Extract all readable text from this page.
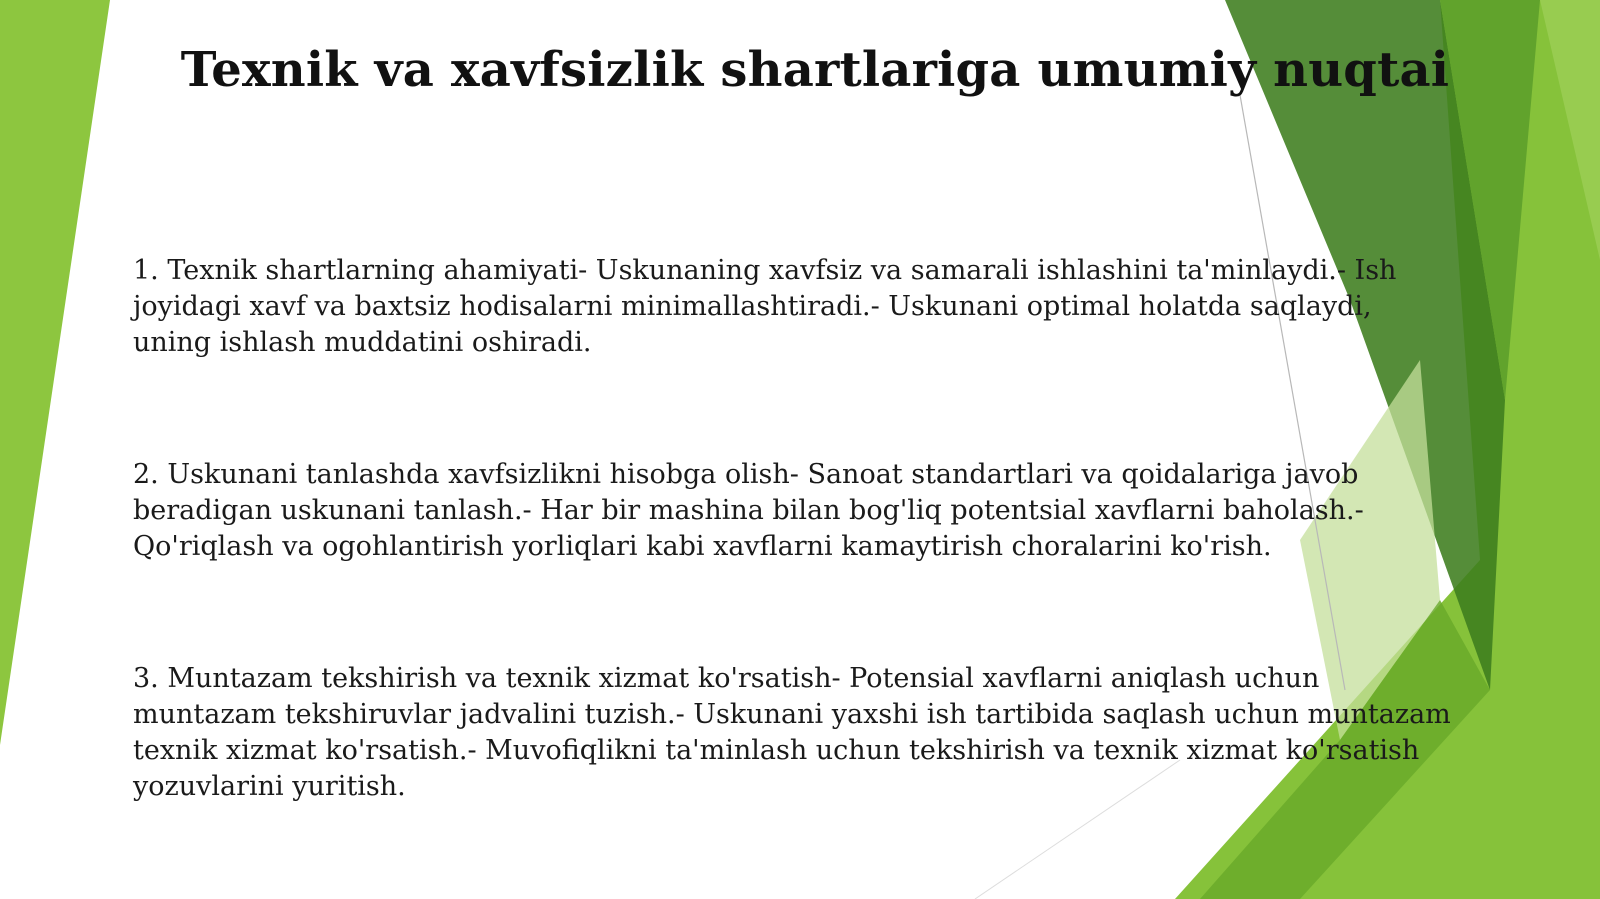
Texnik va xavfsizlik shartlariga umumiy nuqtai

1. Texnik shartlarning ahamiyati- Uskunaning xavfsiz va samarali ishlashini ta'minlaydi.- Ish
joyidagi xavf va baxtsiz hodisalarni minimallashtiradi.- Uskunani optimal holatda saqlaydi,
uning ishlash muddatini oshiradi.

2. Uskunani tanlashda xavfsizlikni hisobga olish- Sanoat standartlari va qoidalariga javob
beradigan uskunani tanlash.- Har bir mashina bilan bog'liq potentsial xavflarni baholash.-
Qo'riqlash va ogohlantirish yorliqlari kabi xavflarni kamaytirish choralarini ko'rish.

3. Muntazam tekshirish va texnik xizmat ko'rsatish- Potensial xavflarni aniqlash uchun
muntazam tekshiruvlar jadvalini tuzish.- Uskunani yaxshi ish tartibida saqlash uchun muntazam
texnik xizmat ko'rsatish.- Muvofiqlikni ta'minlash uchun tekshirish va texnik xizmat ko'rsatish
yozuvlarini yuritish.
